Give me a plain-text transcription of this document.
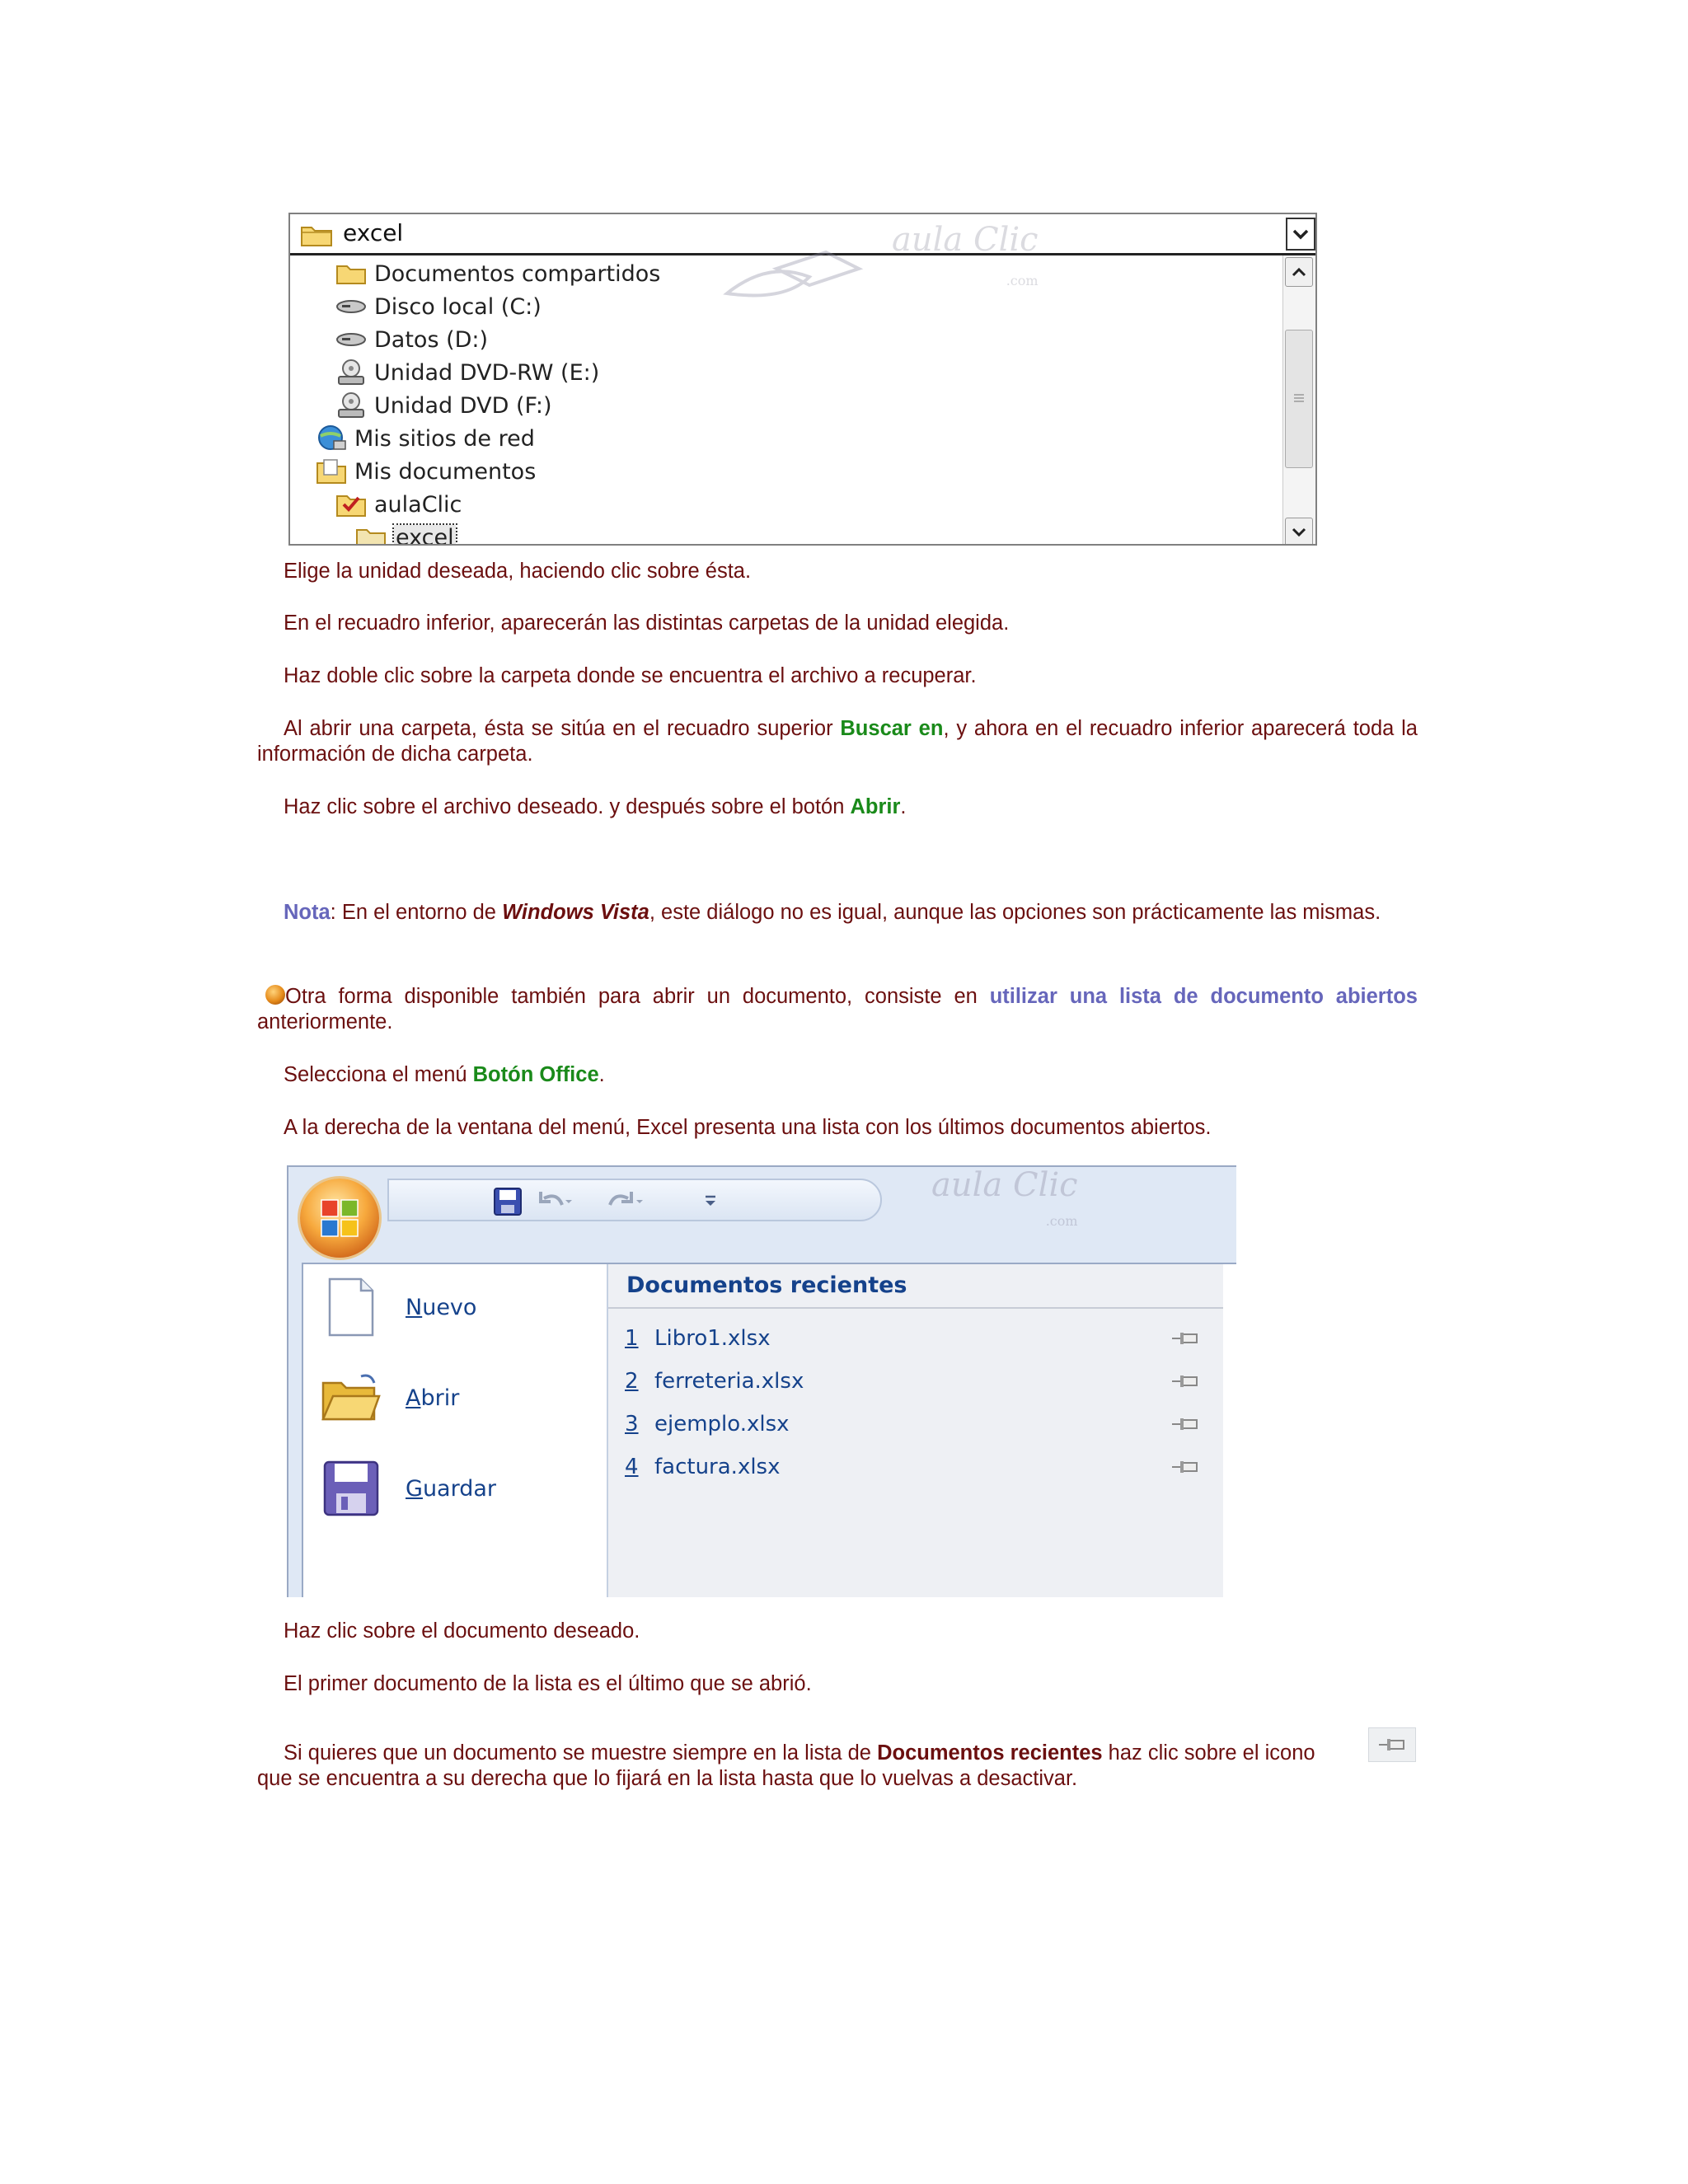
excel	aula Clic
.com
Documentos compartidos
Disco local (C:)
Datos (D:)
Unidad DVD-RW (E:)
Unidad DVD (F:)
Mis sitios de red
Mis documentos
aulaClic
excel
Elige la unidad deseada, haciendo clic sobre ésta.
En el recuadro inferior, aparecerán las distintas carpetas de la unidad elegida.
Haz doble clic sobre la carpeta donde se encuentra el archivo a recuperar.
Al abrir una carpeta, ésta se sitúa en el recuadro superior Buscar en, y ahora en el recuadro inferior aparecerá toda la información de dicha carpeta.
Haz clic sobre el archivo deseado. y después sobre el botón Abrir.
Nota: En el entorno de Windows Vista, este diálogo no es igual, aunque las opciones son prácticamente las mismas.
Otra forma disponible también para abrir un documento, consiste en utilizar una lista de documento abiertos anteriormente.
Selecciona el menú Botón Office.
A la derecha de la ventana del menú, Excel presenta una lista con los últimos documentos abiertos.
aula Clic
.com
Nuevo
Abrir
Guardar
Documentos recientes
1 Libro1.xlsx
2 ferreteria.xlsx
3 ejemplo.xlsx
4 factura.xlsx
Haz clic sobre el documento deseado.
El primer documento de la lista es el último que se abrió.
Si quieres que un documento se muestre siempre en la lista de Documentos recientes haz clic sobre el icono
que se encuentra a su derecha que lo fijará en la lista hasta que lo vuelvas a desactivar.
